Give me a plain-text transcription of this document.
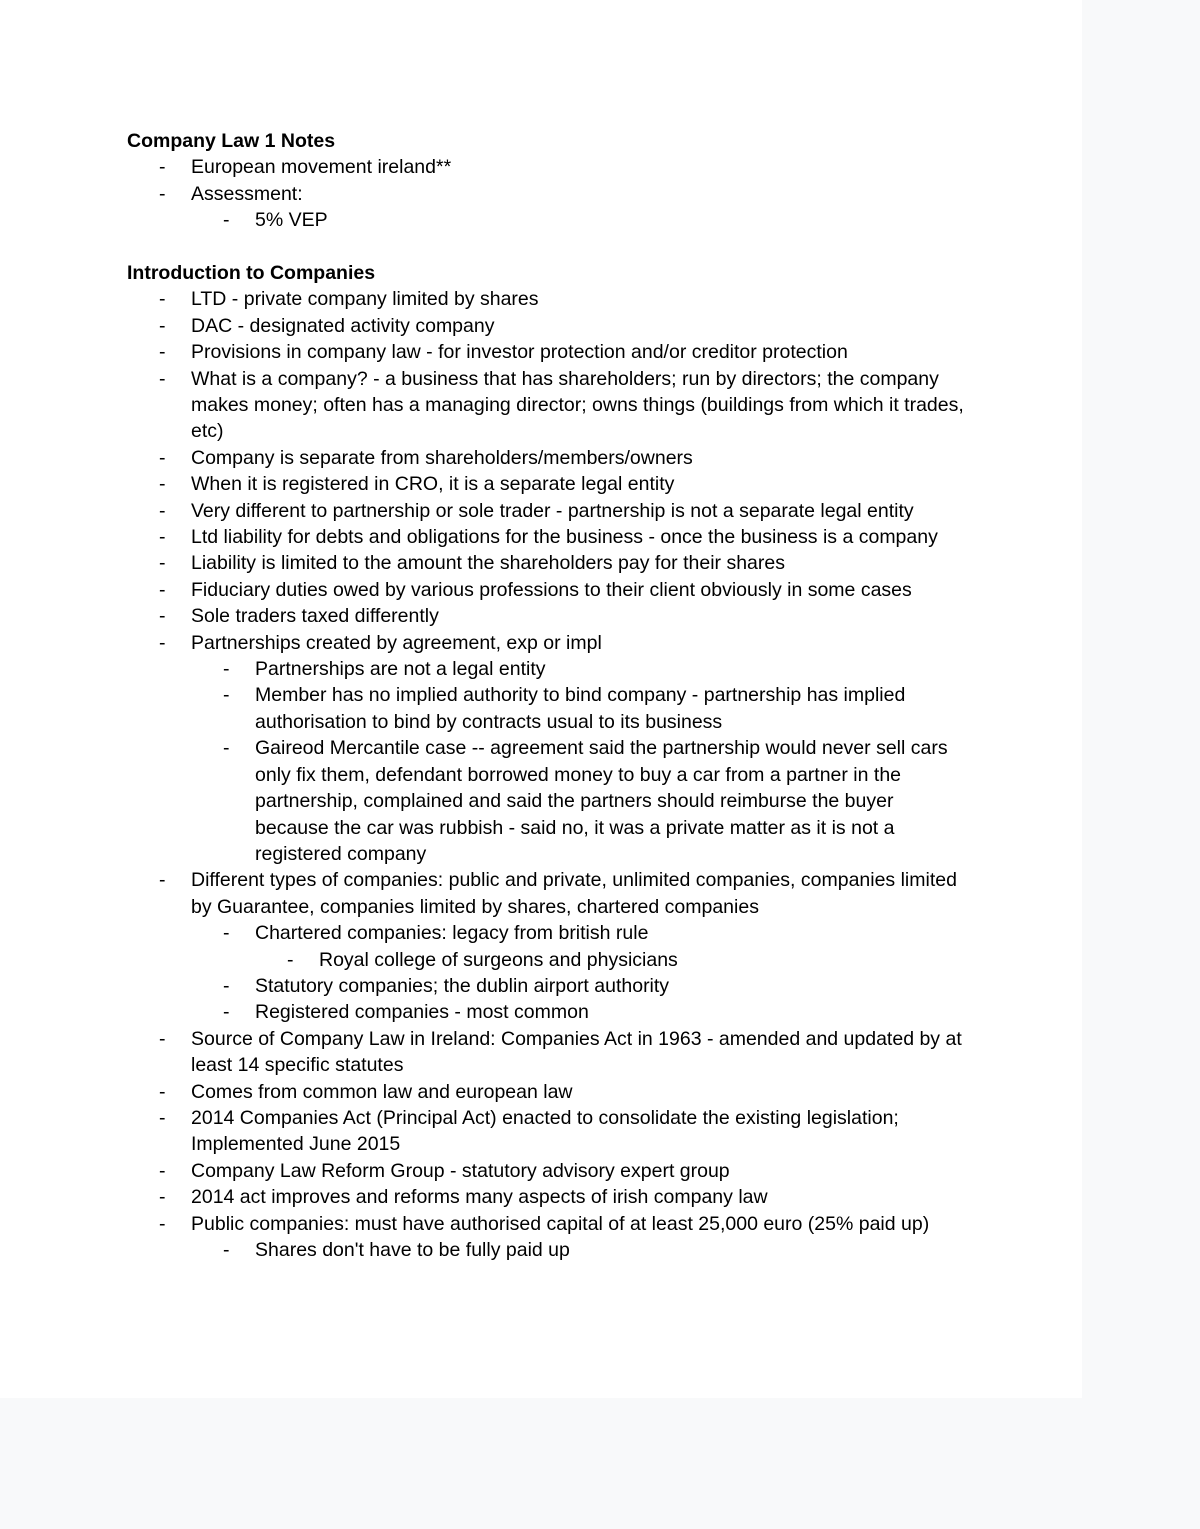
Company Law 1 Notes
- European movement ireland**
- Assessment:
- 5% VEP
Introduction to Companies
- LTD - private company limited by shares
- DAC - designated activity company
- Provisions in company law - for investor protection and/or creditor protection
- What is a company? - a business that has shareholders; run by directors; the company makes money; often has a managing director; owns things (buildings from which it trades, etc)
- Company is separate from shareholders/members/owners
- When it is registered in CRO, it is a separate legal entity
- Very different to partnership or sole trader - partnership is not a separate legal entity
- Ltd liability for debts and obligations for the business - once the business is a company
- Liability is limited to the amount the shareholders pay for their shares
- Fiduciary duties owed by various professions to their client obviously in some cases
- Sole traders taxed differently
- Partnerships created by agreement, exp or impl
- Partnerships are not a legal entity
- Member has no implied authority to bind company - partnership has implied authorisation to bind by contracts usual to its business
- Gaireod Mercantile case -- agreement said the partnership would never sell cars only fix them, defendant borrowed money to buy a car from a partner in the partnership, complained and said the partners should reimburse the buyer because the car was rubbish - said no, it was a private matter as it is not a registered company
- Different types of companies: public and private, unlimited companies, companies limited by Guarantee, companies limited by shares, chartered companies
- Chartered companies: legacy from british rule
- Royal college of surgeons and physicians
- Statutory companies; the dublin airport authority
- Registered companies - most common
- Source of Company Law in Ireland: Companies Act in 1963 - amended and updated by at least 14 specific statutes
- Comes from common law and european law
- 2014 Companies Act (Principal Act) enacted to consolidate the existing legislation; Implemented June 2015
- Company Law Reform Group - statutory advisory expert group
- 2014 act improves and reforms many aspects of irish company law
- Public companies: must have authorised capital of at least 25,000 euro (25% paid up)
- Shares don't have to be fully paid up
